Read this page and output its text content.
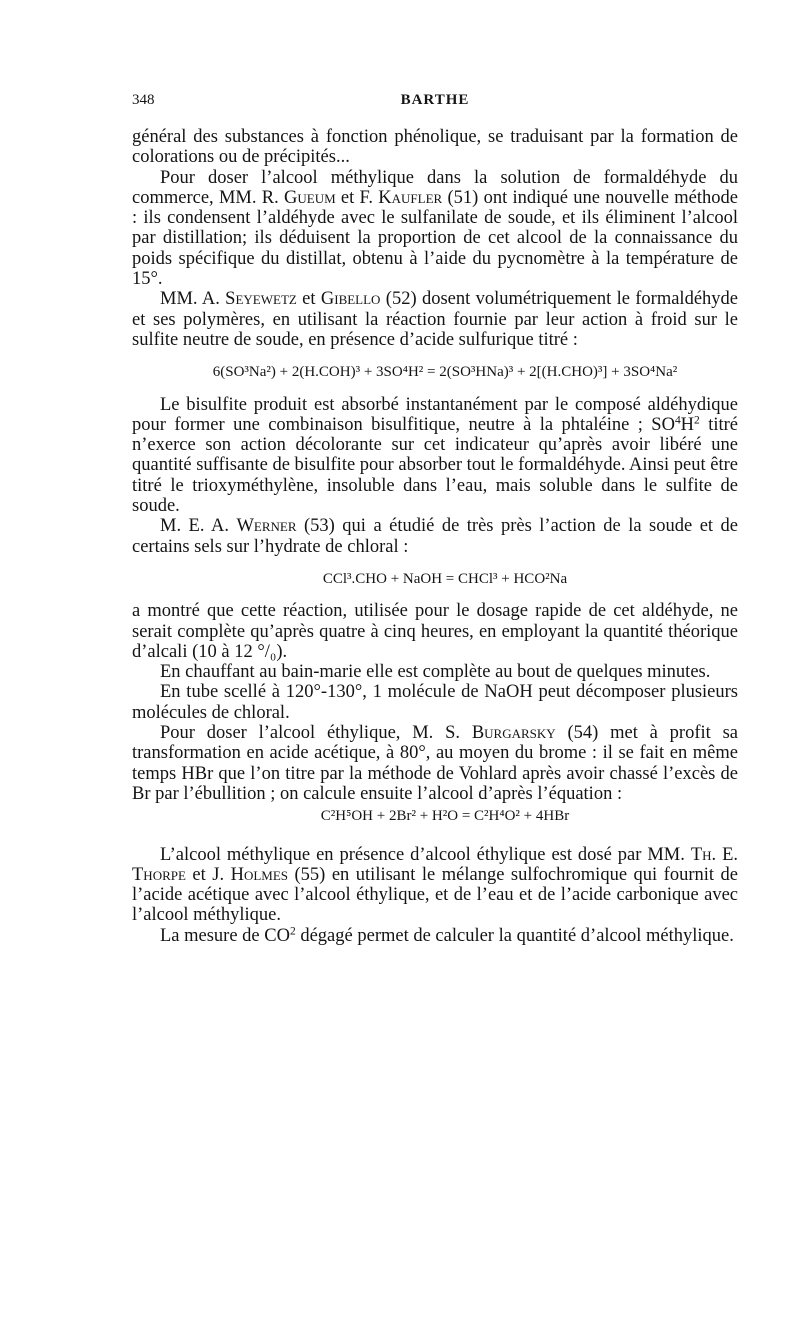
348	BARTHE

général des substances à fonction phénolique, se traduisant par la formation de colorations ou de précipités...

Pour doser l’alcool méthylique dans la solution de formaldéhyde du commerce, MM. R. Gueum et F. Kaufler (51) ont indiqué une nouvelle méthode : ils condensent l’aldéhyde avec le sulfanilate de soude, et ils éliminent l’alcool par distillation; ils déduisent la proportion de cet alcool de la connaissance du poids spécifique du distillat, obtenu à l’aide du pycnomètre à la température de 15°.

MM. A. Seyewetz et Gibello (52) dosent volumétriquement le formaldéhyde et ses polymères, en utilisant la réaction fournie par leur action à froid sur le sulfite neutre de soude, en présence d’acide sulfurique titré :

6(SO³Na²) + 2(H.COH)³ + 3SO⁴H² = 2(SO³HNa)³ + 2[(H.CHO)³] + 3SO⁴Na²

Le bisulfite produit est absorbé instantanément par le composé aldéhydique pour former une combinaison bisulfitique, neutre à la phtaléine ; $SO^4H^2$ titré n’exerce son action décolorante sur cet indicateur qu’après avoir libéré une quantité suffisante de bisulfite pour absorber tout le formaldéhyde. Ainsi peut être titré le trioxyméthylène, insoluble dans l’eau, mais soluble dans le sulfite de soude.

M. E. A. Werner (53) qui a étudié de très près l’action de la soude et de certains sels sur l’hydrate de chloral :

CCl³.CHO + NaOH = CHCl³ + HCO²Na

a montré que cette réaction, utilisée pour le dosage rapide de cet aldéhyde, ne serait complète qu’après quatre à cinq heures, en employant la quantité théorique d’alcali (10 à 12 °/₀).

En chauffant au bain-marie elle est complète au bout de quelques minutes.

En tube scellé à 120°-130°, 1 molécule de NaOH peut décomposer plusieurs molécules de chloral.

Pour doser l’alcool éthylique, M. S. Burgarsky (54) met à profit sa transformation en acide acétique, à 80°, au moyen du brome : il se fait en même temps HBr que l’on titre par la méthode de Vohlard après avoir chassé l’excès de Br par l’ébullition ; on calcule ensuite l’alcool d’après l’équation :

C²H⁵OH + 2Br² + H²O = C²H⁴O² + 4HBr

L’alcool méthylique en présence d’alcool éthylique est dosé par MM. Th. E. Thorpe et J. Holmes (55) en utilisant le mélange sulfochromique qui fournit de l’acide acétique avec l’alcool éthylique, et de l’eau et de l’acide carbonique avec l’alcool méthylique.

La mesure de $CO^2$ dégagé permet de calculer la quantité d’alcool méthylique.
